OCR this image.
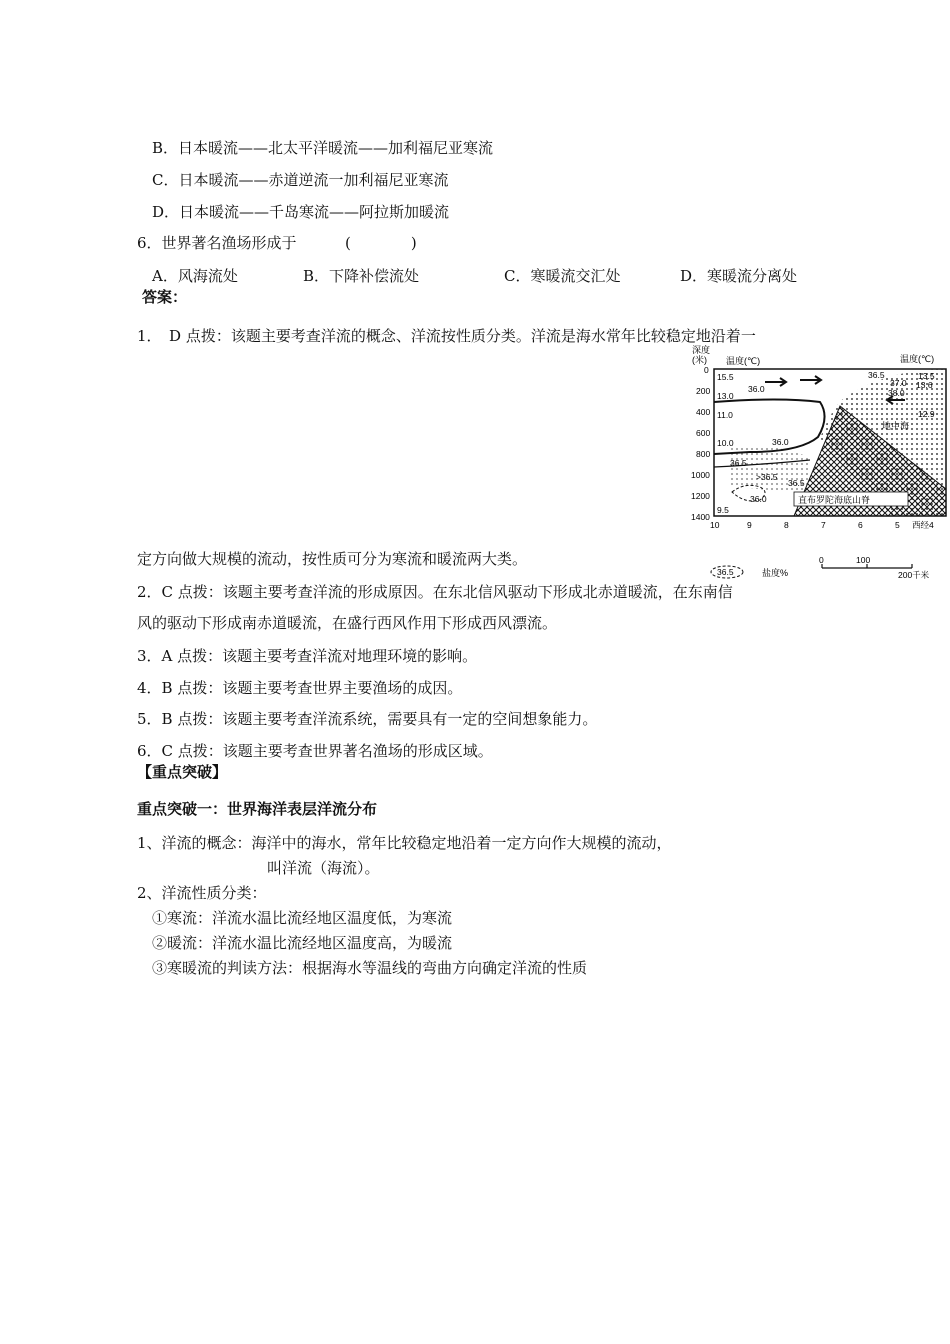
B．日本暖流——北太平洋暖流——加利福尼亚寒流
C．日本暖流——赤道逆流一加利福尼亚寒流
D．日本暖流——千岛寒流——阿拉斯加暖流
6．世界著名渔场形成于	(　　　　)
A．风海流处	B．下降补偿流处	C．寒暖流交汇处	D．寒暖流分离处
答案：
1．　D 点拨：该题主要考查洋流的概念、洋流按性质分类。洋流是海水常年比较稳定地沿着一
深度
(米) 温度(℃)	温度(℃)
0
200
400
600
800
1000
1200
1400
10	9	8	7	6	5 西经4
15.5
13.0
11.0
10.0
9.5
13.5
13.6
12.9
36.5
37.0
38.0
36.0
36.0
36.5
>36.5
36.5
36.0
地中海
直布罗陀海底山脊
36.5	盐度%
0	100
200千米
定方向做大规模的流动，按性质可分为寒流和暖流两大类。
2．C 点拨：该题主要考查洋流的形成原因。在东北信风驱动下形成北赤道暖流，在东南信
风的驱动下形成南赤道暖流，在盛行西风作用下形成西风漂流。
3．A 点拨：该题主要考查洋流对地理环境的影响。
4．B 点拨：该题主要考查世界主要渔场的成因。
5．B 点拨：该题主要考查洋流系统，需要具有一定的空间想象能力。
6．C 点拨：该题主要考查世界著名渔场的形成区域。
【重点突破】
重点突破一：世界海洋表层洋流分布
1、洋流的概念：海洋中的海水，常年比较稳定地沿着一定方向作大规模的流动，
叫洋流（海流）。
2、洋流性质分类：
①寒流：洋流水温比流经地区温度低，为寒流
②暖流：洋流水温比流经地区温度高，为暖流
③寒暖流的判读方法：根据海水等温线的弯曲方向确定洋流的性质
